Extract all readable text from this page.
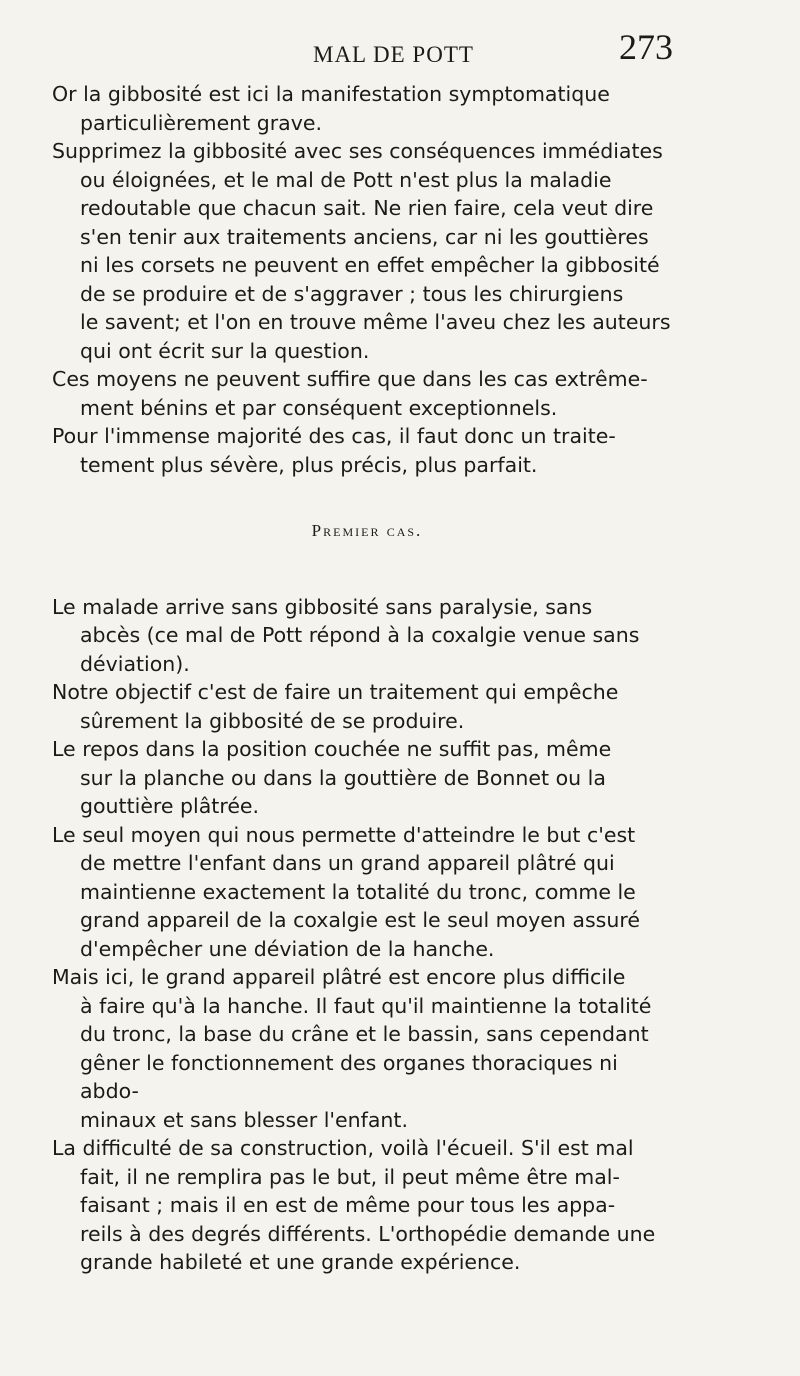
MAL DE POTT	273

Or la gibbosité est ici la manifestation symptomatique
particulièrement grave.

Supprimez la gibbosité avec ses conséquences immédiates
ou éloignées, et le mal de Pott n'est plus la maladie
redoutable que chacun sait. Ne rien faire, cela veut dire
s'en tenir aux traitements anciens, car ni les gouttières
ni les corsets ne peuvent en effet empêcher la gibbosité
de se produire et de s'aggraver ; tous les chirurgiens
le savent; et l'on en trouve même l'aveu chez les auteurs
qui ont écrit sur la question.

Ces moyens ne peuvent suffire que dans les cas extrême-
ment bénins et par conséquent exceptionnels.

Pour l'immense majorité des cas, il faut donc un traite-
tement plus sévère, plus précis, plus parfait.

Premier cas.

Le malade arrive sans gibbosité sans paralysie, sans
abcès (ce mal de Pott répond à la coxalgie venue sans
déviation).

Notre objectif c'est de faire un traitement qui empêche
sûrement la gibbosité de se produire.

Le repos dans la position couchée ne suffit pas, même
sur la planche ou dans la gouttière de Bonnet ou la
gouttière plâtrée.

Le seul moyen qui nous permette d'atteindre le but c'est
de mettre l'enfant dans un grand appareil plâtré qui
maintienne exactement la totalité du tronc, comme le
grand appareil de la coxalgie est le seul moyen assuré
d'empêcher une déviation de la hanche.

Mais ici, le grand appareil plâtré est encore plus difficile
à faire qu'à la hanche. Il faut qu'il maintienne la totalité
du tronc, la base du crâne et le bassin, sans cependant
gêner le fonctionnement des organes thoraciques ni abdo-
minaux et sans blesser l'enfant.

La difficulté de sa construction, voilà l'écueil. S'il est mal
fait, il ne remplira pas le but, il peut même être mal-
faisant ; mais il en est de même pour tous les appa-
reils à des degrés différents. L'orthopédie demande une
grande habileté et une grande expérience.
